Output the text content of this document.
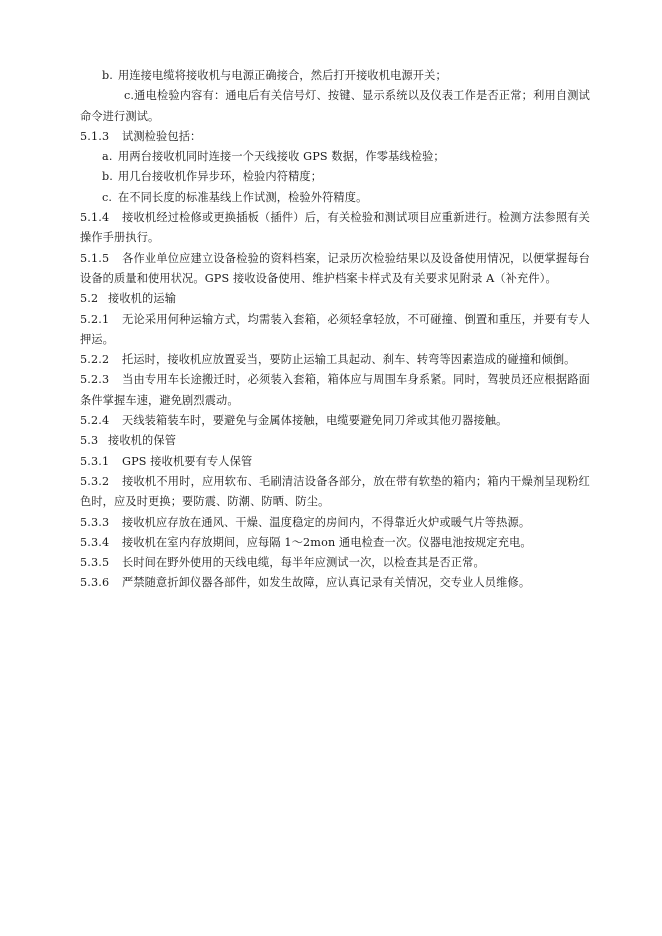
b. 用连接电缆将接收机与电源正确接合，然后打开接收机电源开关；
c.通电检验内容有：通电后有关信号灯、按键、显示系统以及仪表工作是否正常；利用自测试命令进行测试。
5.1.3 试测检验包括：
a. 用两台接收机同时连接一个天线接收 GPS 数据，作零基线检验；
b. 用几台接收机作异步环，检验内符精度；
c. 在不同长度的标准基线上作试测，检验外符精度。
5.1.4 接收机经过检修或更换插板（插件）后，有关检验和测试项目应重新进行。检测方法参照有关操作手册执行。
5.1.5 各作业单位应建立设备检验的资料档案，记录历次检验结果以及设备使用情况，以便掌握每台设备的质量和使用状况。GPS 接收设备使用、维护档案卡样式及有关要求见附录 A（补充件）。
5.2 接收机的运输
5.2.1 无论采用何种运输方式，均需装入套箱，必须轻拿轻放，不可碰撞、倒置和重压，并要有专人押运。
5.2.2 托运时，接收机应放置妥当，要防止运输工具起动、刹车、转弯等因素造成的碰撞和倾倒。
5.2.3 当由专用车长途搬迁时，必须装入套箱，箱体应与周围车身系紧。同时，驾驶员还应根据路面条件掌握车速，避免剧烈震动。
5.2.4 天线装箱装车时，要避免与金属体接触，电缆要避免同刀斧或其他刃器接触。
5.3 接收机的保管
5.3.1 GPS 接收机要有专人保管
5.3.2 接收机不用时，应用软布、毛刷清洁设备各部分，放在带有软垫的箱内；箱内干燥剂呈现粉红色时，应及时更换；要防震、防潮、防晒、防尘。
5.3.3 接收机应存放在通风、干燥、温度稳定的房间内，不得靠近火炉或暖气片等热源。
5.3.4 接收机在室内存放期间，应每隔 1～2mon 通电检查一次。仪器电池按规定充电。
5.3.5 长时间在野外使用的天线电缆，每半年应测试一次，以检查其是否正常。
5.3.6 严禁随意折卸仪器各部件，如发生故障，应认真记录有关情况，交专业人员维修。
